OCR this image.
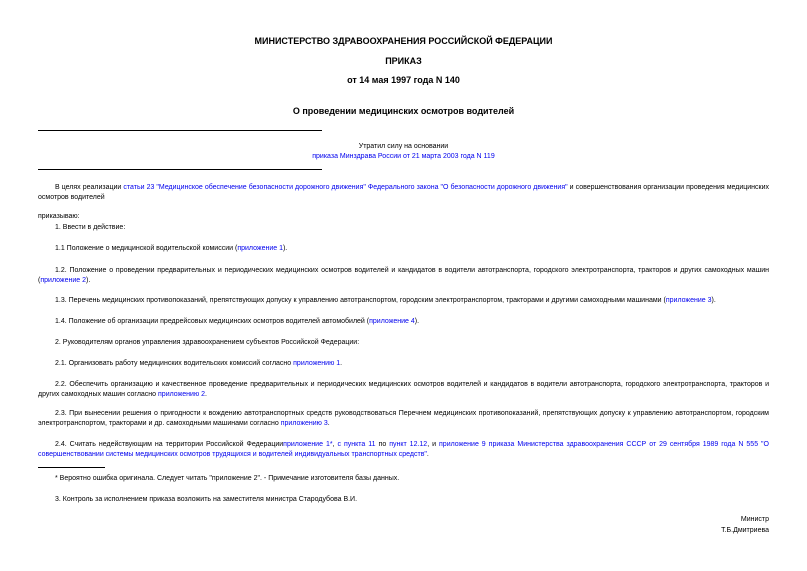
МИНИСТЕРСТВО ЗДРАВООХРАНЕНИЯ РОССИЙСКОЙ ФЕДЕРАЦИИ
ПРИКАЗ
от 14 мая 1997 года N 140
О проведении медицинских осмотров водителей
Утратил силу на основании
приказа Минздрава России от 21 марта 2003 года N 119

В целях реализации статьи 23 "Медицинское обеспечение безопасности дорожного движения" Федерального закона "О безопасности дорожного движения" и совершенствования организации проведения медицинских осмотров водителей

приказываю:

1. Ввести в действие:

1.1 Положение о медицинской водительской комиссии (приложение 1).

1.2. Положение о проведении предварительных и периодических медицинских осмотров водителей и кандидатов в водители автотранспорта, городского электротранспорта, тракторов и других самоходных машин (приложение 2).

1.3. Перечень медицинских противопоказаний, препятствующих допуску к управлению автотранспортом, городским электротранспортом, тракторами и другими самоходными машинами (приложение 3).

1.4. Положение об организации предрейсовых медицинских осмотров водителей автомобилей (приложение 4).

2. Руководителям органов управления здравоохранением субъектов Российской Федерации:

2.1. Организовать работу медицинских водительских комиссий согласно приложению 1.

2.2. Обеспечить организацию и качественное проведение предварительных и периодических медицинских осмотров водителей и кандидатов в водители автотранспорта, городского электротранспорта, тракторов и других самоходных машин согласно приложению 2.

2.3. При вынесении решения о пригодности к вождению автотранспортных средств руководствоваться Перечнем медицинских противопоказаний, препятствующих допуску к управлению автотранспортом, городским электротранспортом, тракторами и др. самоходными машинами согласно приложению 3.

2.4. Считать недействующим на территории Российской Федерацииприложение 1*, с пункта 11 по пункт 12.12, и приложение 9 приказа Министерства здравоохранения СССР от 29 сентября 1989 года N 555 "О совершенствовании системы медицинских осмотров трудящихся и водителей индивидуальных транспортных средств".

* Вероятно ошибка оригинала. Следует читать "приложение 2". - Примечание изготовителя базы данных.

3. Контроль за исполнением приказа возложить на заместителя министра Стародубова В.И.

Министр
Т.Б.Дмитриева
